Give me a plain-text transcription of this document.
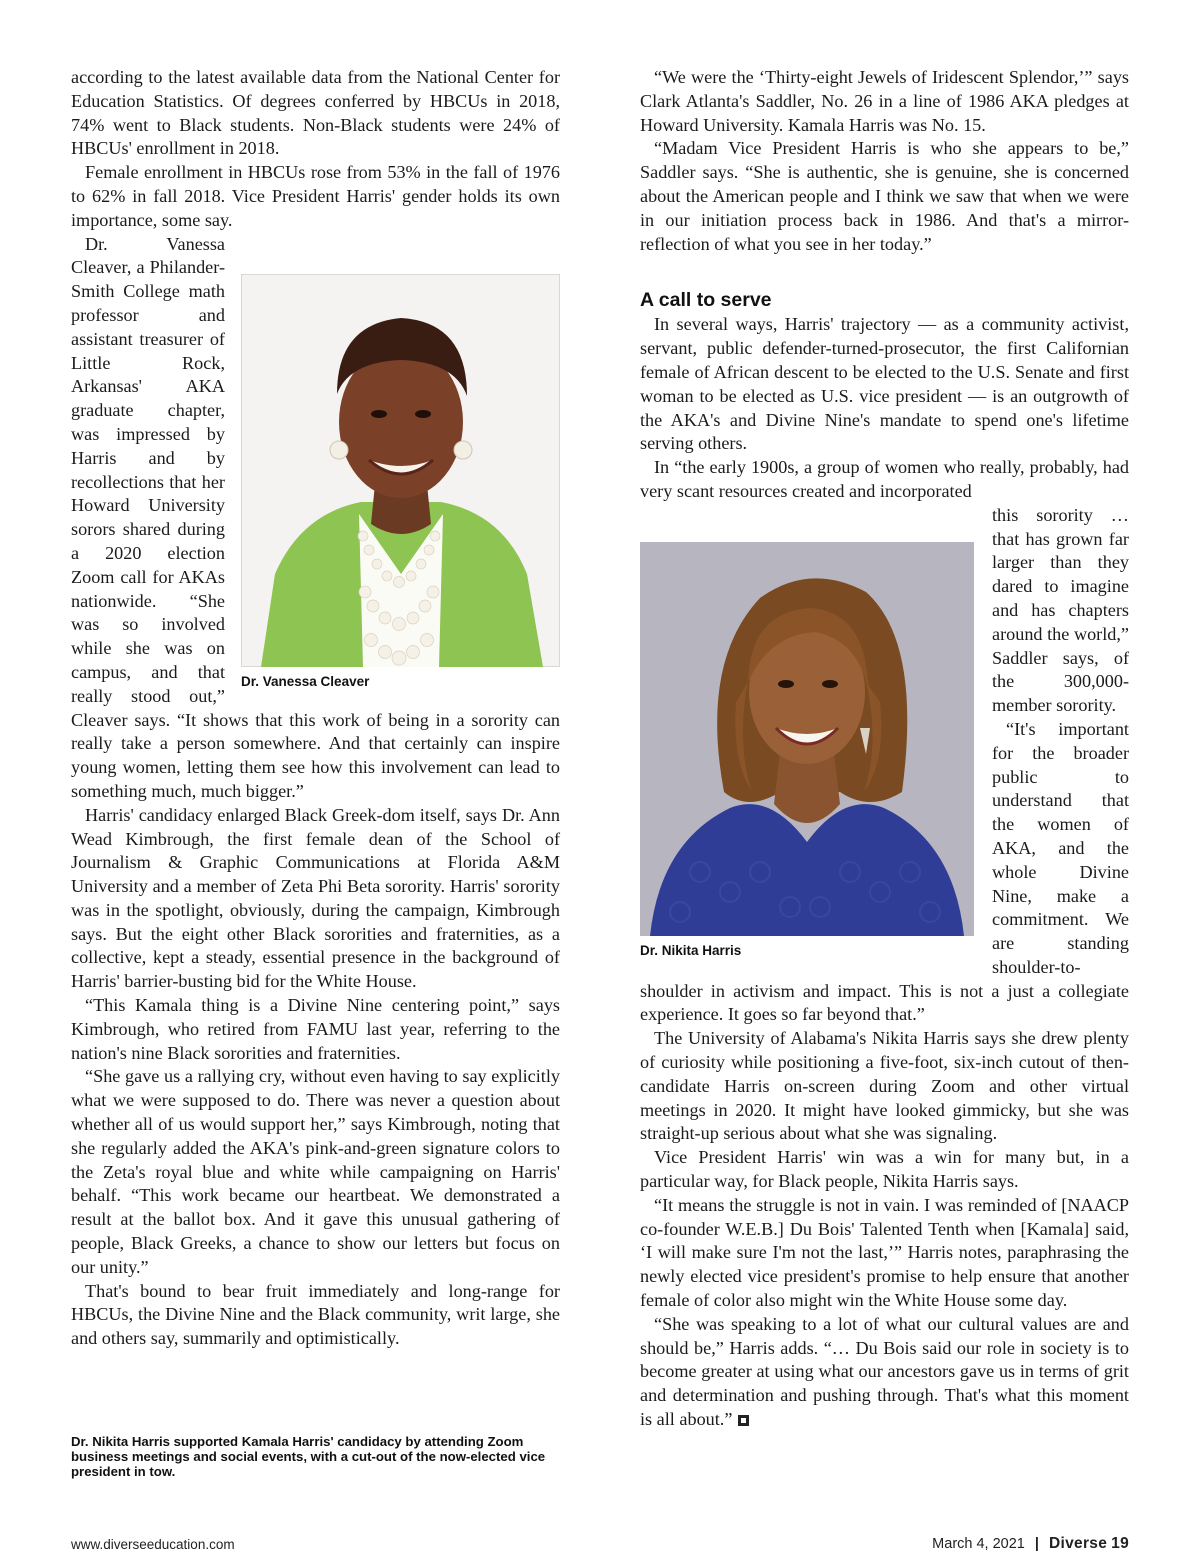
according to the latest available data from the National Center for Education Statistics. Of degrees conferred by HBCUs in 2018, 74% went to Black students. Non-Black students were 24% of HBCUs' enrollment in 2018.

Female enrollment in HBCUs rose from 53% in the fall of 1976 to 62% in fall 2018. Vice President Harris' gender holds its own importance, some say.

Dr. Vanessa Cleaver

Dr. Vanessa Cleaver, a Philander-Smith College math professor and assistant treasurer of Little Rock, Arkansas' AKA graduate chapter, was impressed by Harris and by recollections that her Howard University sorors shared during a 2020 election Zoom call for AKAs nationwide. “She was so involved while she was on campus, and that really stood out,” Cleaver says. “It shows that this work of being in a sorority can really take a person somewhere. And that certainly can inspire young women, letting them see how this involvement can lead to something much, much bigger.”

Harris' candidacy enlarged Black Greek-dom itself, says Dr. Ann Wead Kimbrough, the first female dean of the School of Journalism & Graphic Communications at Florida A&M University and a member of Zeta Phi Beta sorority. Harris' sorority was in the spotlight, obviously, during the campaign, Kimbrough says. But the eight other Black sororities and fraternities, as a collective, kept a steady, essential presence in the background of Harris' barrier-busting bid for the White House.

“This Kamala thing is a Divine Nine centering point,” says Kimbrough, who retired from FAMU last year, referring to the nation's nine Black sororities and fraternities.

“She gave us a rallying cry, without even having to say explicitly what we were supposed to do. There was never a question about whether all of us would support her,” says Kimbrough, noting that she regularly added the AKA's pink-and-green signature colors to the Zeta's royal blue and white while campaigning on Harris' behalf. “This work became our heartbeat. We demonstrated a result at the ballot box. And it gave this unusual gathering of people, Black Greeks, a chance to show our letters but focus on our unity.”

That's bound to bear fruit immediately and long-range for HBCUs, the Divine Nine and the Black community, writ large, she and others say, summarily and optimistically.

Dr. Nikita Harris supported Kamala Harris' candidacy by attending Zoom business meetings and social events, with a cut-out of the now-elected vice president in tow.

“We were the ‘Thirty-eight Jewels of Iridescent Splendor,’” says Clark Atlanta's Saddler, No. 26 in a line of 1986 AKA pledges at Howard University. Kamala Harris was No. 15.

“Madam Vice President Harris is who she appears to be,” Saddler says. “She is authentic, she is genuine, she is concerned about the American people and I think we saw that when we were in our initiation process back in 1986. And that's a mirror-reflection of what you see in her today.”

A call to serve

In several ways, Harris' trajectory — as a community activist, servant, public defender-turned-prosecutor, the first Californian female of African descent to be elected to the U.S. Senate and first woman to be elected as U.S. vice president — is an outgrowth of the AKA's and Divine Nine's mandate to spend one's lifetime serving others.

In “the early 1900s, a group of women who really, probably, had very scant resources created and incorporated

Dr. Nikita Harris

this sorority … that has grown far larger than they dared to imagine and has chapters around the world,” Saddler says, of the 300,000-member sorority.

“It's important for the broader public to understand that the women of AKA, and the whole Divine Nine, make a commitment. We are standing shoulder-to-shoulder in activism and impact. This is not a just a collegiate experience. It goes so far beyond that.”

The University of Alabama's Nikita Harris says she drew plenty of curiosity while positioning a five-foot, six-inch cutout of then-candidate Harris on-screen during Zoom and other virtual meetings in 2020. It might have looked gimmicky, but she was straight-up serious about what she was signaling.

Vice President Harris' win was a win for many but, in a particular way, for Black people, Nikita Harris says.

“It means the struggle is not in vain. I was reminded of [NAACP co-founder W.E.B.] Du Bois' Talented Tenth when [Kamala] said, ‘I will make sure I'm not the last,’” Harris notes, paraphrasing the newly elected vice president's promise to help ensure that another female of color also might win the White House some day.

“She was speaking to a lot of what our cultural values are and should be,” Harris adds. “… Du Bois said our role in society is to become greater at using what our ancestors gave us in terms of grit and determination and pushing through. That's what this moment is all about.”

www.diverseeducation.com	March 4, 2021 | Diverse 19
